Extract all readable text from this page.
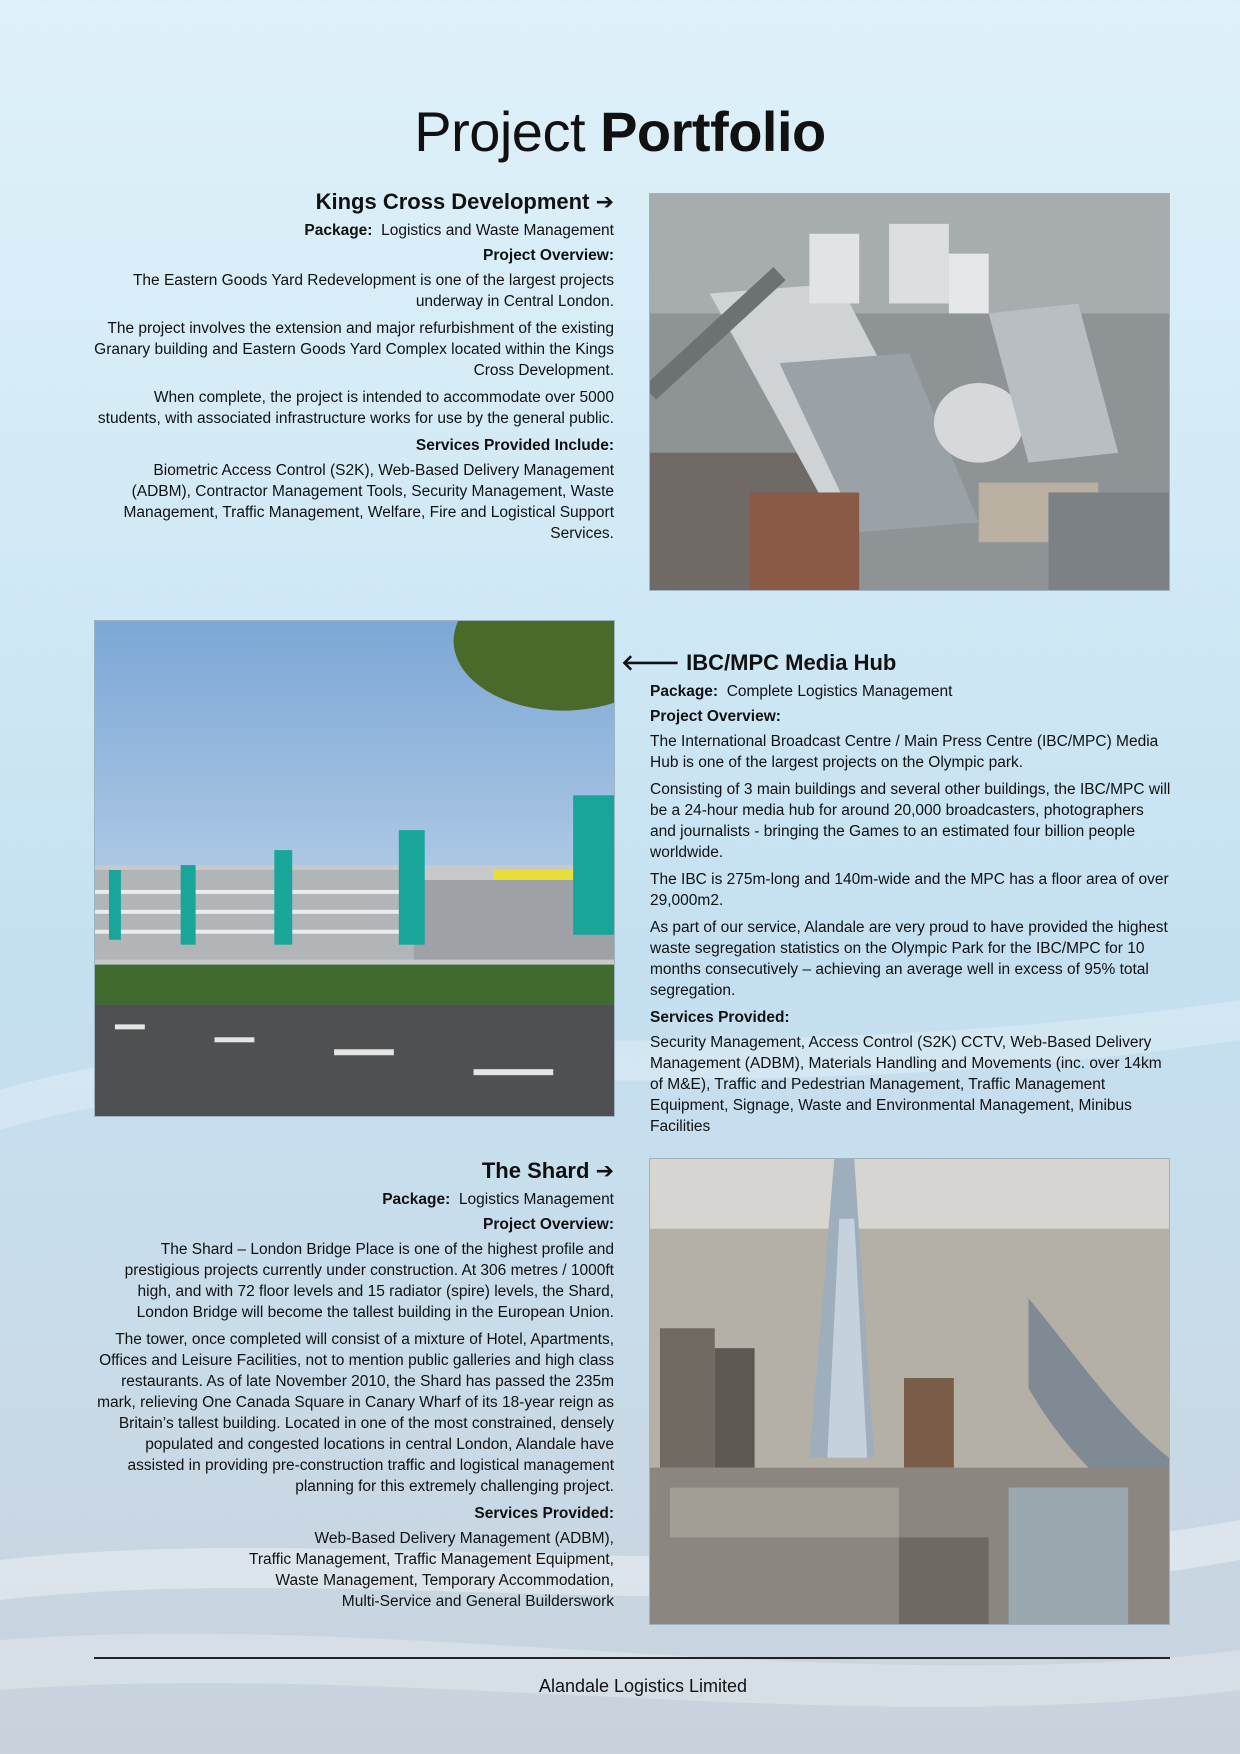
Project Portfolio
Kings Cross Development ➔
Package: Logistics and Waste Management
Project Overview:

The Eastern Goods Yard Redevelopment is one of the largest projects underway in Central London.

The project involves the extension and major refurbishment of the existing Granary building and Eastern Goods Yard Complex located within the Kings Cross Development.

When complete, the project is intended to accommodate over 5000 students, with associated infrastructure works for use by the general public.

Services Provided Include:

Biometric Access Control (S2K), Web-Based Delivery Management (ADBM), Contractor Management Tools, Security Management, Waste Management, Traffic Management, Welfare, Fire and Logistical Support Services.

🡐 IBC/MPC Media Hub
Package: Complete Logistics Management
Project Overview:

The International Broadcast Centre / Main Press Centre (IBC/MPC) Media Hub is one of the largest projects on the Olympic park.

Consisting of 3 main buildings and several other buildings, the IBC/MPC will be a 24-hour media hub for around 20,000 broadcasters, photographers and journalists - bringing the Games to an estimated four billion people worldwide.

The IBC is 275m-long and 140m-wide and the MPC has a floor area of over 29,000m2.

As part of our service, Alandale are very proud to have provided the highest waste segregation statistics on the Olympic Park for the IBC/MPC for 10 months consecutively – achieving an average well in excess of 95% total segregation.

Services Provided:

Security Management, Access Control (S2K) CCTV, Web-Based Delivery Management (ADBM), Materials Handling and Movements (inc. over 14km of M&E), Traffic and Pedestrian Management, Traffic Management Equipment, Signage, Waste and Environmental Management, Minibus Facilities

The Shard ➔
Package: Logistics Management
Project Overview:

The Shard – London Bridge Place is one of the highest profile and prestigious projects currently under construction. At 306 metres / 1000ft high, and with 72 floor levels and 15 radiator (spire) levels, the Shard, London Bridge will become the tallest building in the European Union.

The tower, once completed will consist of a mixture of Hotel, Apartments, Offices and Leisure Facilities, not to mention public galleries and high class restaurants. As of late November 2010, the Shard has passed the 235m mark, relieving One Canada Square in Canary Wharf of its 18-year reign as Britain’s tallest building. Located in one of the most constrained, densely populated and congested locations in central London, Alandale have assisted in providing pre-construction traffic and logistical management planning for this extremely challenging project.

Services Provided:
Web-Based Delivery Management (ADBM),
Traffic Management, Traffic Management Equipment,
Waste Management, Temporary Accommodation,
Multi-Service and General Builderswork
Alandale Logistics Limited
